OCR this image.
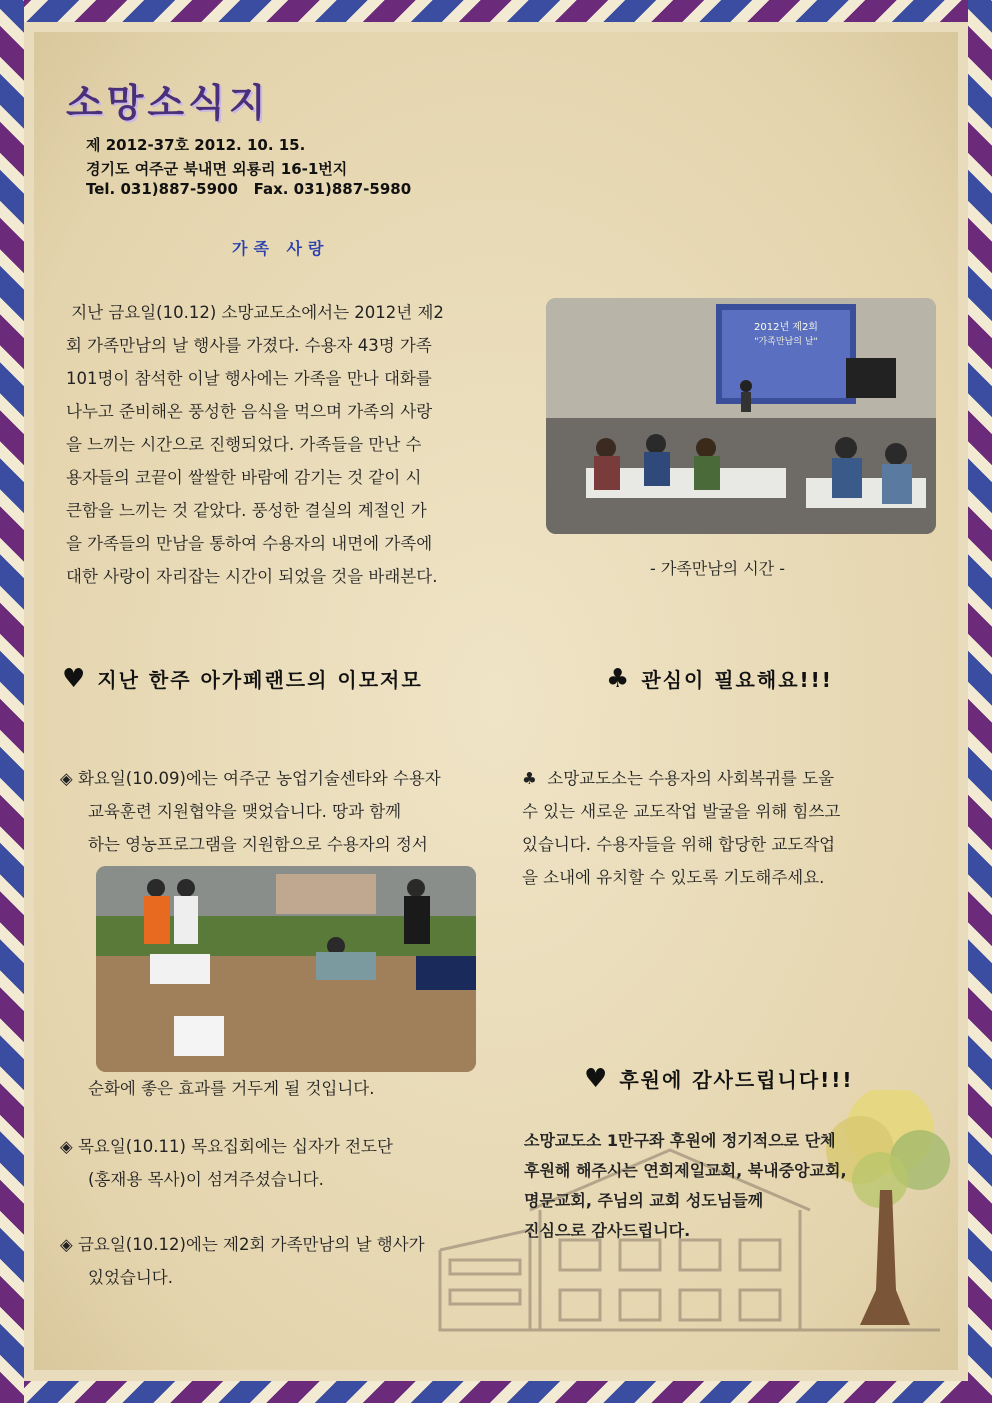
소망소식지
제 2012-37호 2012. 10. 15.
경기도 여주군 북내면 외룡리 16-1번지
Tel. 031)887-5900   Fax. 031)887-5980
가족 사랑
지난 금요일(10.12) 소망교도소에서는 2012년 제2
회 가족만남의 날 행사를 가졌다. 수용자 43명 가족
101명이 참석한 이날 행사에는 가족을 만나 대화를
나누고 준비해온 풍성한 음식을 먹으며 가족의 사랑
을 느끼는 시간으로 진행되었다. 가족들을 만난 수
용자들의 코끝이 쌀쌀한 바람에 감기는 것 같이 시
큰함을 느끼는 것 같았다. 풍성한 결실의 계절인 가
을 가족들의 만남을 통하여 수용자의 내면에 가족에
대한 사랑이 자리잡는 시간이 되었을 것을 바래본다.
2012년 제2회
"가족만남의 날"
- 가족만남의 시간 -
♥ 지난 한주 아가페랜드의 이모저모	♣ 관심이 필요해요!!!
◈ 화요일(10.09)에는 여주군 농업기술센타와 수용자
교육훈련 지원협약을 맺었습니다. 땅과 함께
하는 영농프로그램을 지원함으로 수용자의 정서
순화에 좋은 효과를 거두게 될 것입니다.
◈ 목요일(10.11) 목요집회에는 십자가 전도단
(홍재용 목사)이 섬겨주셨습니다.
◈ 금요일(10.12)에는 제2회 가족만남의 날 행사가
있었습니다.
♣  소망교도소는 수용자의 사회복귀를 도울
수 있는 새로운 교도작업 발굴을 위해 힘쓰고
있습니다. 수용자들을 위해 합당한 교도작업
을 소내에 유치할 수 있도록 기도해주세요.
♥ 후원에 감사드립니다!!!
소망교도소 1만구좌 후원에 정기적으로 단체
후원해 해주시는 연희제일교회, 북내중앙교회,
명문교회, 주님의 교회 성도님들께
진심으로 감사드립니다.
